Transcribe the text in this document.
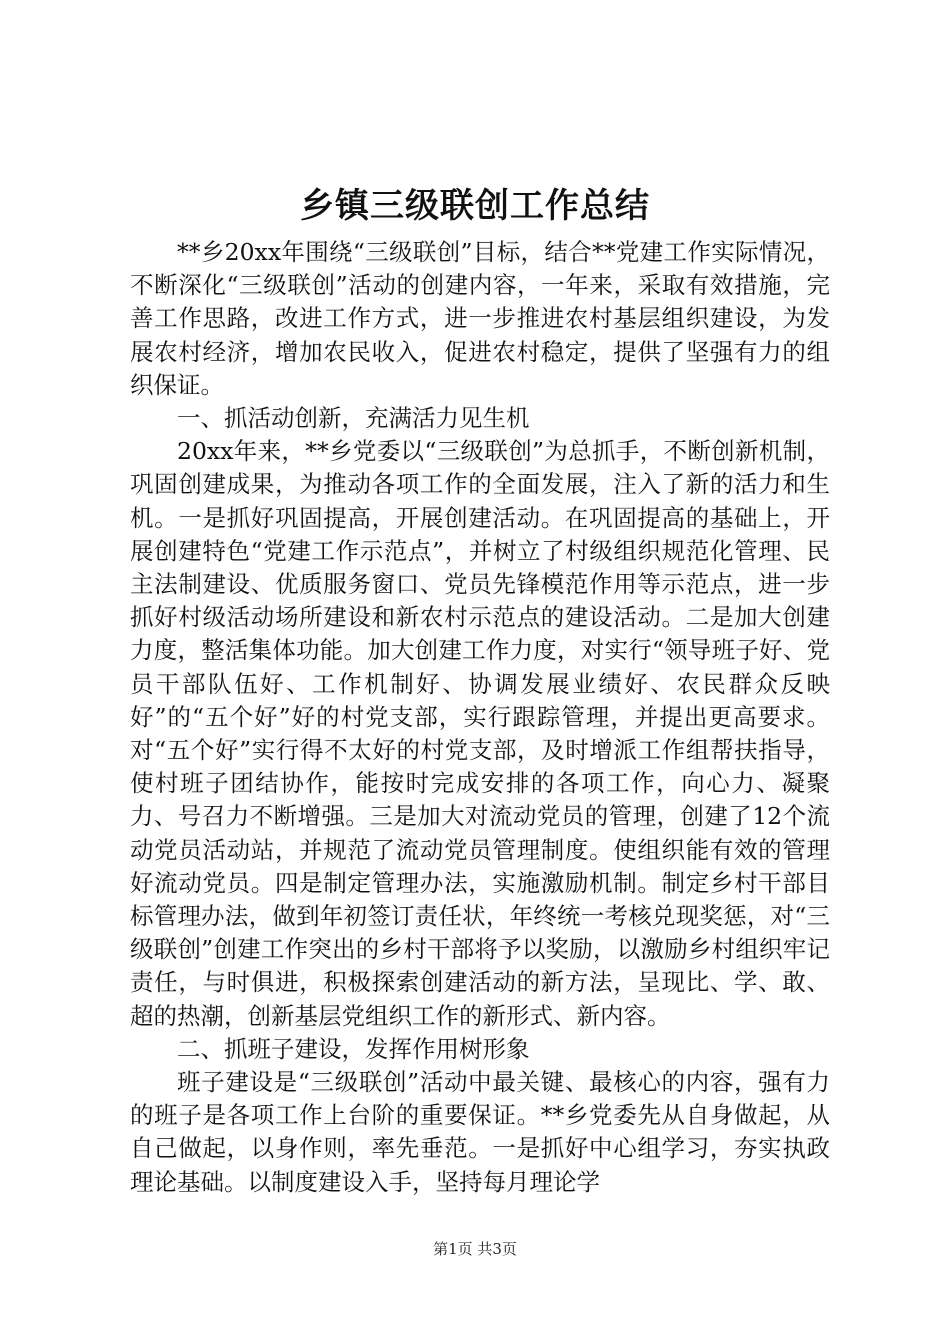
乡镇三级联创工作总结

**乡20xx年围绕“三级联创”目标，结合**党建工作实际情况，不断深化“三级联创”活动的创建内容，一年来，采取有效措施，完善工作思路，改进工作方式，进一步推进农村基层组织建设，为发展农村经济，增加农民收入，促进农村稳定，提供了坚强有力的组织保证。

一、抓活动创新，充满活力见生机

20xx年来，**乡党委以“三级联创”为总抓手，不断创新机制，巩固创建成果，为推动各项工作的全面发展，注入了新的活力和生机。一是抓好巩固提高，开展创建活动。在巩固提高的基础上，开展创建特色“党建工作示范点”，并树立了村级组织规范化管理、民主法制建设、优质服务窗口、党员先锋模范作用等示范点，进一步抓好村级活动场所建设和新农村示范点的建设活动。二是加大创建力度，整活集体功能。加大创建工作力度，对实行“领导班子好、党员干部队伍好、工作机制好、协调发展业绩好、农民群众反映好”的“五个好”好的村党支部，实行跟踪管理，并提出更高要求。对“五个好”实行得不太好的村党支部，及时增派工作组帮扶指导，使村班子团结协作，能按时完成安排的各项工作，向心力、凝聚力、号召力不断增强。三是加大对流动党员的管理，创建了12个流动党员活动站，并规范了流动党员管理制度。使组织能有效的管理好流动党员。四是制定管理办法，实施激励机制。制定乡村干部目标管理办法，做到年初签订责任状，年终统一考核兑现奖惩，对“三级联创”创建工作突出的乡村干部将予以奖励，以激励乡村组织牢记责任，与时俱进，积极探索创建活动的新方法，呈现比、学、敢、超的热潮，创新基层党组织工作的新形式、新内容。

二、抓班子建设，发挥作用树形象

班子建设是“三级联创”活动中最关键、最核心的内容，强有力的班子是各项工作上台阶的重要保证。**乡党委先从自身做起，从自己做起，以身作则，率先垂范。一是抓好中心组学习，夯实执政理论基础。以制度建设入手，坚持每月理论学

第1页 共3页
